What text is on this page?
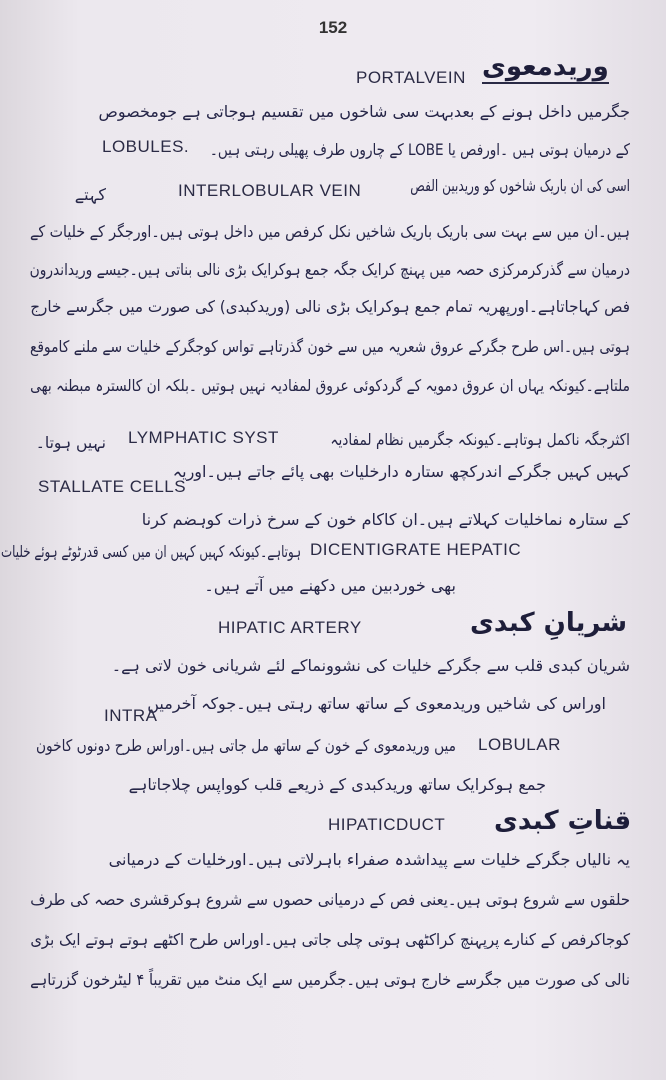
152
PORTALVEIN وریدمعوی
جگرمیں داخل ہونے کے بعدبہت سی شاخوں میں تقسیم ہوجاتی ہے جومخصوص
کے درمیان ہوتی ہیں ۔اورفص یا LOBE کے چاروں طرف پھیلی رہتی ہیں۔
LOBULES.
اسی کی ان باریک شاخوں کو وریدبین الفص
INTERLOBULAR VEIN
کہتے
ہیں۔ان میں سے بہت سی باریک باریک شاخیں نکل کرفص میں داخل ہوتی ہیں۔اورجگر کے خلیات کے
درمیان سے گذرکرمرکزی حصہ میں پہنچ کرایک جگہ جمع ہوکرایک بڑی نالی بناتی ہیں۔جیسے وریداندرون
فص کہاجاتاہے۔اورپھریہ تمام جمع ہوکرایک بڑی نالی (وریدکبدی) کی صورت میں جگرسے خارج
ہوتی ہیں۔اس طرح جگرکے عروق شعریہ میں سے خون گذرتاہے تواس کوجگرکے خلیات سے ملنے کاموقع
ملتاہے۔کیونکہ یہاں ان عروق دمویہ کے گردکوئی عروق لمفادیہ نہیں ہوتیں ۔بلکہ ان کالسترہ مبطنہ بھی
اکثرجگہ ناکمل ہوتاہے۔کیونکہ جگرمیں نظام لمفادیہ
LYMPHATIC SYST
نہیں ہوتا۔
کہیں کہیں جگرکے اندرکچھ ستارہ دارخلیات بھی پائے جاتے ہیں۔اوریہ
STALLATE CELLS
کے ستارہ نماخلیات کہلاتے ہیں۔ان کاکام خون کے سرخ ذرات کوہضم کرنا
DICENTIGRATE HEPATIC
ہوتاہے۔کیونکہ کہیں کہیں ان میں کسی قدرٹوٹے ہوئے خلیات
بھی خوردبین میں دکھنے میں آتے ہیں۔
HIPATIC ARTERY	شریانِ کبدی
شریان کبدی قلب سے جگرکے خلیات کی نشوونماکے لئے شریانی خون لاتی ہے۔
اوراس کی شاخیں وریدمعوی کے ساتھ ساتھ رہتی ہیں۔جوکہ آخرمیں
INTRA
میں وریدمعوی کے خون کے ساتھ مل جاتی ہیں۔اوراس طرح دونوں کاخون LOBULAR
جمع ہوکرایک ساتھ وریدکبدی کے ذریعے قلب کوواپس چلاجاتاہے
HIPATICDUCT قناتِ کبدی
یہ نالیاں جگرکے خلیات سے پیداشدہ صفراء باہرلاتی ہیں۔اورخلیات کے درمیانی
حلقوں سے شروع ہوتی ہیں۔یعنی فص کے درمیانی حصوں سے شروع ہوکرقشری حصہ کی طرف
کوجاکرفص کے کنارے پرپہنچ کراکٹھی ہوتی چلی جاتی ہیں۔اوراس طرح اکٹھے ہوتے ہوتے ایک بڑی
نالی کی صورت میں جگرسے خارج ہوتی ہیں۔جگرمیں سے ایک منٹ میں تقریباً ۴ لیٹرخون گزرتاہے
